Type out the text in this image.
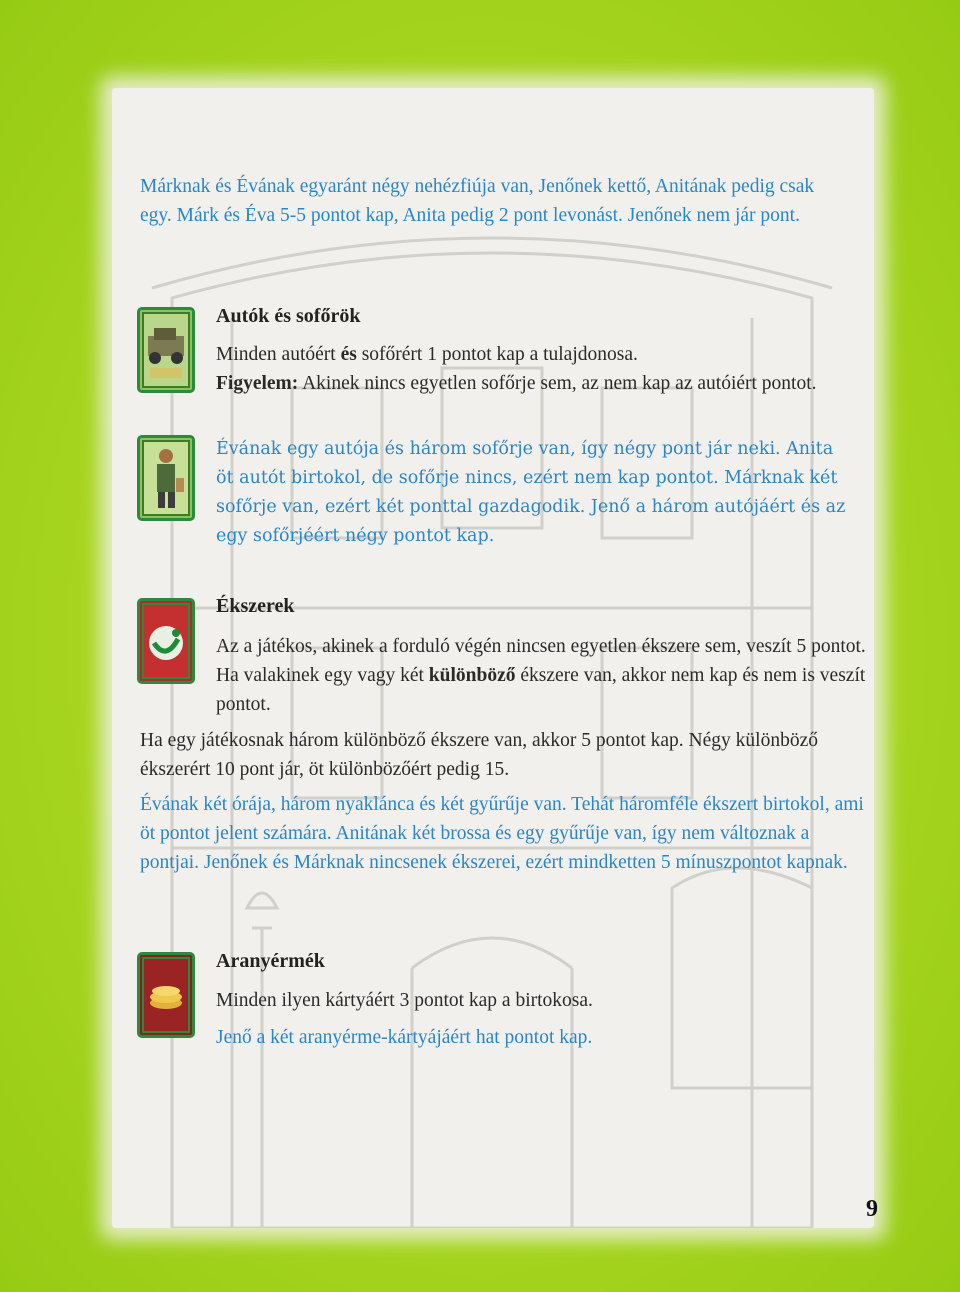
Márknak és Évának egyaránt négy nehézfiúja van, Jenőnek kettő, Anitának pedig csak egy. Márk és Éva 5-5 pontot kap, Anita pedig 2 pont levonást. Jenőnek nem jár pont.

Autók és sofőrök

Minden autóért és sofőrért 1 pontot kap a tulajdonosa.
Figyelem: Akinek nincs egyetlen sofőrje sem, az nem kap az autóiért pontot.

Évának egy autója és három sofőrje van, így négy pont jár neki. Anita öt autót birtokol, de sofőrje nincs, ezért nem kap pontot. Márknak két sofőrje van, ezért két ponttal gazdagodik. Jenő a három autójáért és az egy sofőrjéért négy pontot kap.

Ékszerek

Az a játékos, akinek a forduló végén nincsen egyetlen ékszere sem, veszít 5 pontot. Ha valakinek egy vagy két különböző ékszere van, akkor nem kap és nem is veszít pontot.

Ha egy játékosnak három különböző ékszere van, akkor 5 pontot kap. Négy különböző ékszerért 10 pont jár, öt különbözőért pedig 15.

Évának két órája, három nyaklánca és két gyűrűje van. Tehát háromféle ékszert birtokol, ami öt pontot jelent számára. Anitának két brossa és egy gyűrűje van, így nem változnak a pontjai. Jenőnek és Márknak nincsenek ékszerei, ezért mindketten 5 mínuszpontot kapnak.

Aranyérmék

Minden ilyen kártyáért 3 pontot kap a birtokosa.

Jenő a két aranyérme-kártyájáért hat pontot kap.

9
